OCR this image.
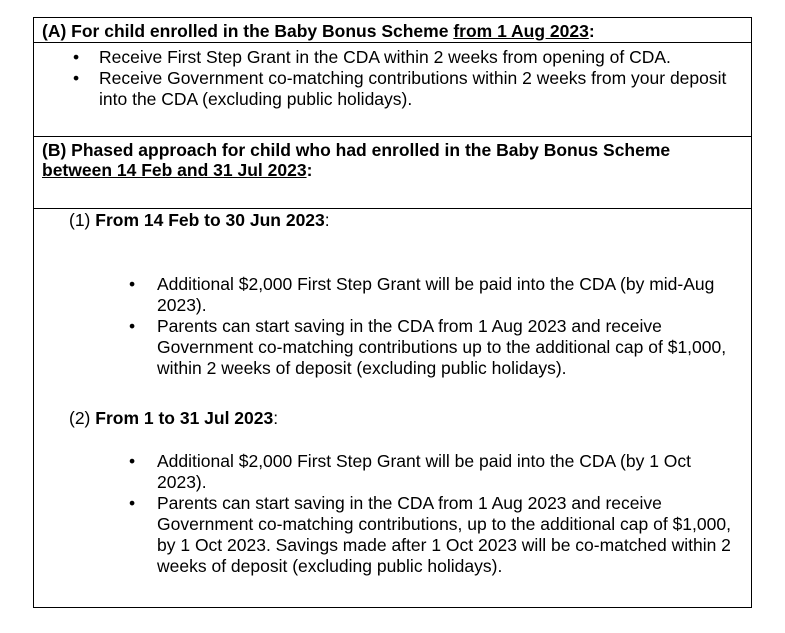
(A) For child enrolled in the Baby Bonus Scheme from 1 Aug 2023:
• Receive First Step Grant in the CDA within 2 weeks from opening of CDA.
• Receive Government co-matching contributions within 2 weeks from your deposit into the CDA (excluding public holidays).
(B) Phased approach for child who had enrolled in the Baby Bonus Scheme
between 14 Feb and 31 Jul 2023:
(1) From 14 Feb to 30 Jun 2023:
• Additional $2,000 First Step Grant will be paid into the CDA (by mid-Aug 2023).
• Parents can start saving in the CDA from 1 Aug 2023 and receive Government co-matching contributions up to the additional cap of $1,000, within 2 weeks of deposit (excluding public holidays).
(2) From 1 to 31 Jul 2023:
• Additional $2,000 First Step Grant will be paid into the CDA (by 1 Oct 2023).
• Parents can start saving in the CDA from 1 Aug 2023 and receive Government co-matching contributions, up to the additional cap of $1,000, by 1 Oct 2023. Savings made after 1 Oct 2023 will be co-matched within 2 weeks of deposit (excluding public holidays).
